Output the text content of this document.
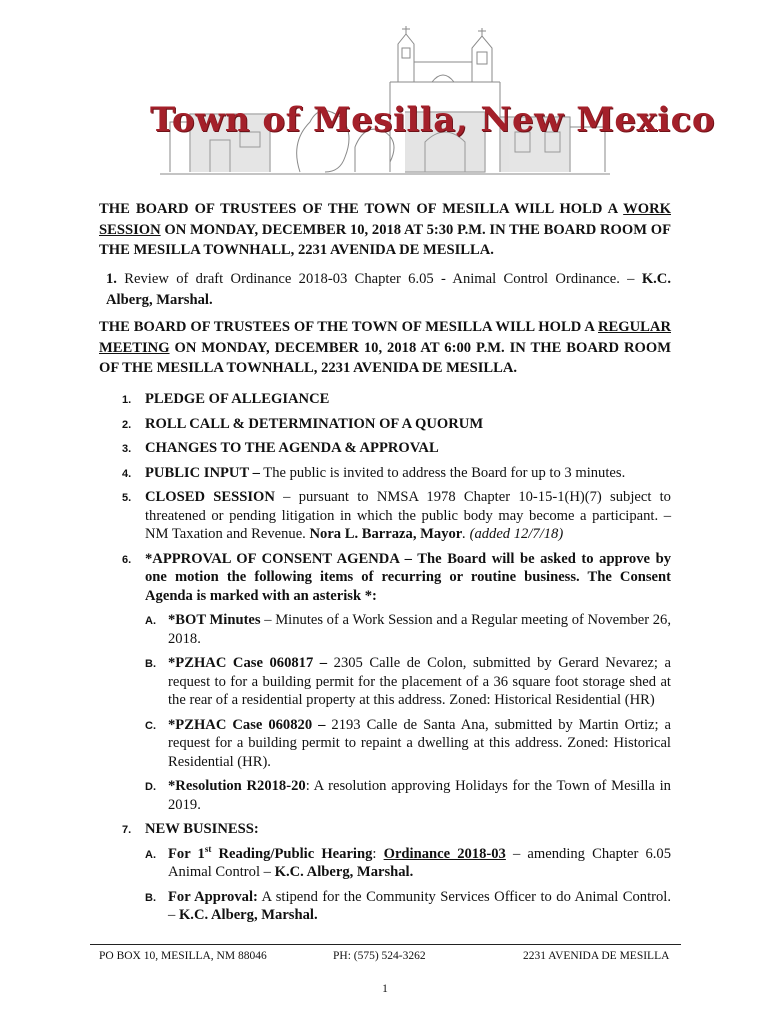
Town of Mesilla, New Mexico
THE BOARD OF TRUSTEES OF THE TOWN OF MESILLA WILL HOLD A WORK SESSION ON MONDAY, DECEMBER 10, 2018 AT 5:30 P.M. IN THE BOARD ROOM OF THE MESILLA TOWNHALL, 2231 AVENIDA DE MESILLA.
1. Review of draft Ordinance 2018-03 Chapter 6.05 - Animal Control Ordinance. – K.C. Alberg, Marshal.
THE BOARD OF TRUSTEES OF THE TOWN OF MESILLA WILL HOLD A REGULAR MEETING ON MONDAY, DECEMBER 10, 2018 AT 6:00 P.M. IN THE BOARD ROOM OF THE MESILLA TOWNHALL, 2231 AVENIDA DE MESILLA.
1. PLEDGE OF ALLEGIANCE
2. ROLL CALL & DETERMINATION OF A QUORUM
3. CHANGES TO THE AGENDA & APPROVAL
4. PUBLIC INPUT – The public is invited to address the Board for up to 3 minutes.
5. CLOSED SESSION – pursuant to NMSA 1978 Chapter 10-15-1(H)(7) subject to threatened or pending litigation in which the public body may become a participant. – NM Taxation and Revenue. Nora L. Barraza, Mayor. (added 12/7/18)
6. *APPROVAL OF CONSENT AGENDA – The Board will be asked to approve by one motion the following items of recurring or routine business. The Consent Agenda is marked with an asterisk *:
A. *BOT Minutes – Minutes of a Work Session and a Regular meeting of November 26, 2018.
B. *PZHAC Case 060817 – 2305 Calle de Colon, submitted by Gerard Nevarez; a request to for a building permit for the placement of a 36 square foot storage shed at the rear of a residential property at this address. Zoned: Historical Residential (HR)
C. *PZHAC Case 060820 – 2193 Calle de Santa Ana, submitted by Martin Ortiz; a request for a building permit to repaint a dwelling at this address. Zoned: Historical Residential (HR).
D. *Resolution R2018-20: A resolution approving Holidays for the Town of Mesilla in 2019.
7. NEW BUSINESS:
A. For 1st Reading/Public Hearing: Ordinance 2018-03 – amending Chapter 6.05 Animal Control – K.C. Alberg, Marshal.
B. For Approval: A stipend for the Community Services Officer to do Animal Control. – K.C. Alberg, Marshal.
PO BOX 10, MESILLA, NM 88046	PH: (575) 524-3262	2231 AVENIDA DE MESILLA
1
